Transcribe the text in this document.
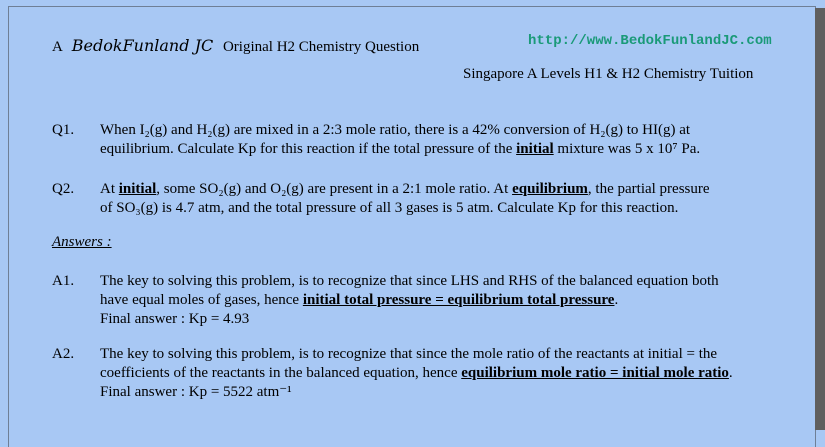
A BedokFunland JC Original H2 Chemistry Question	http://www.BedokFunlandJC.com
Singapore A Levels H1 & H2 Chemistry Tuition
Q1. When I₂(g) and H₂(g) are mixed in a 2:3 mole ratio, there is a 42% conversion of H₂(g) to HI(g) at
equilibrium. Calculate Kp for this reaction if the total pressure of the initial mixture was 5 x 10⁷ Pa.
Q2. At initial, some SO₂(g) and O₂(g) are present in a 2:1 mole ratio. At equilibrium, the partial pressure
of SO₃(g) is 4.7 atm, and the total pressure of all 3 gases is 5 atm. Calculate Kp for this reaction.
Answers :
A1. The key to solving this problem, is to recognize that since LHS and RHS of the balanced equation both
have equal moles of gases, hence initial total pressure = equilibrium total pressure.
Final answer : Kp = 4.93
A2. The key to solving this problem, is to recognize that since the mole ratio of the reactants at initial = the
coefficients of the reactants in the balanced equation, hence equilibrium mole ratio = initial mole ratio.
Final answer : Kp = 5522 atm⁻¹
